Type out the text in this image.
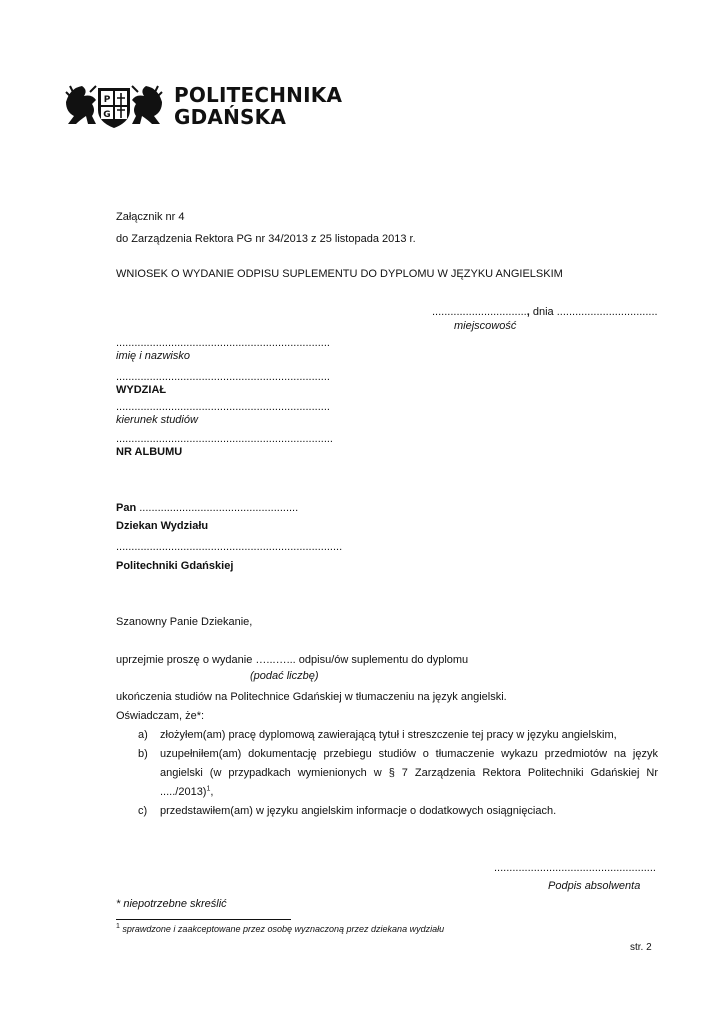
P
G
POLITECHNIKA
GDAŃSKA
Załącznik nr 4
do Zarządzenia Rektora PG nr 34/2013 z 25 listopada 2013 r.
WNIOSEK O WYDANIE ODPISU SUPLEMENTU DO DYPLOMU W JĘZYKU ANGIELSKIM
..............................., dnia .................................
miejscowość
......................................................................
imię i nazwisko
......................................................................
WYDZIAŁ
......................................................................
kierunek studiów
.......................................................................
NR ALBUMU
Pan ....................................................
Dziekan Wydziału
..........................................................................
Politechniki Gdańskiej
Szanowny Panie Dziekanie,
uprzejmie proszę o wydanie …...…... odpisu/ów suplementu do dyplomu
(podać liczbę)
ukończenia studiów na Politechnice Gdańskiej w tłumaczeniu na język angielski.
Oświadczam, że*:
a) złożyłem(am) pracę dyplomową zawierającą tytuł i streszczenie tej pracy w języku angielskim,
b) uzupełniłem(am) dokumentację przebiegu studiów o tłumaczenie wykazu przedmiotów na język
angielski (w przypadkach wymienionych w § 7 Zarządzenia Rektora Politechniki Gdańskiej Nr
...../2013)$^1$,
c) przedstawiłem(am) w języku angielskim informacje o dodatkowych osiągnięciach.
.....................................................
Podpis absolwenta
* niepotrzebne skreślić
$^1$ sprawdzone i zaakceptowane przez osobę wyznaczoną przez dziekana wydziału
str. 2
